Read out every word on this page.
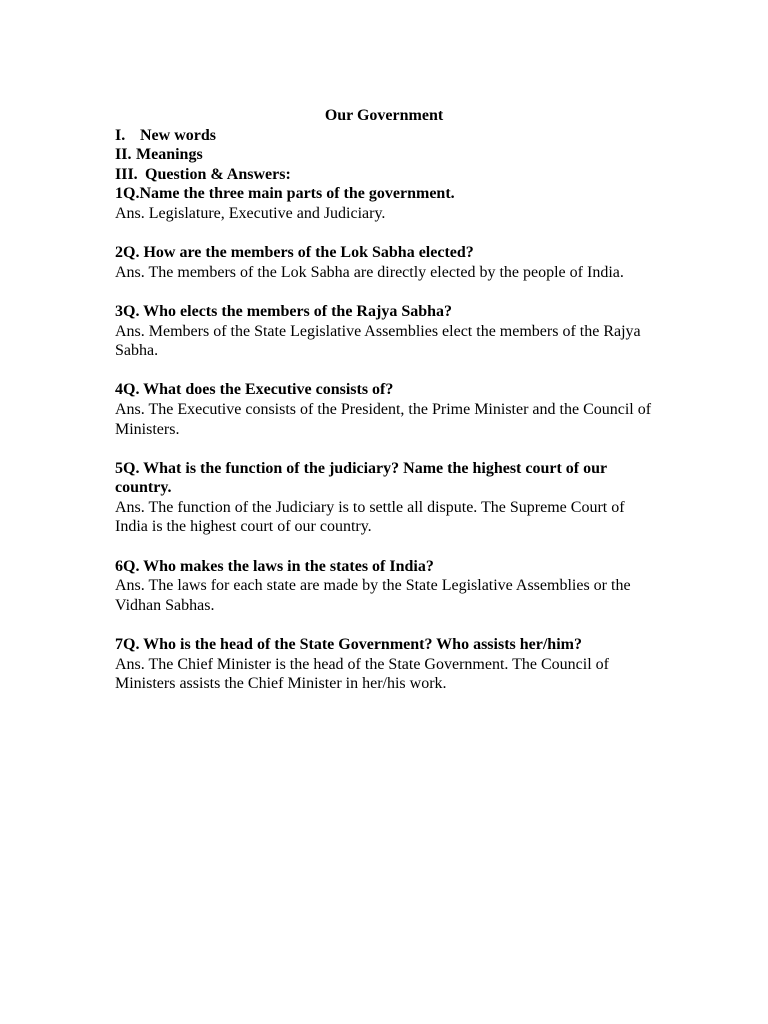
Our Government

I. New words

II. Meanings

III. Question & Answers:

1Q.Name the three main parts of the government.

Ans. Legislature, Executive and Judiciary.

2Q. How are the members of the Lok Sabha elected?

Ans. The members of the Lok Sabha are directly elected by the people of India.

3Q. Who elects the members of the Rajya Sabha?

Ans. Members of the State Legislative Assemblies elect the members of the Rajya Sabha.

4Q. What does the Executive consists of?

Ans. The Executive consists of the President, the Prime Minister and the Council of Ministers.

5Q. What is the function of the judiciary? Name the highest court of our country.

Ans. The function of the Judiciary is to settle all dispute. The Supreme Court of India is the highest court of our country.

6Q. Who makes the laws in the states of India?

Ans. The laws for each state are made by the State Legislative Assemblies or the Vidhan Sabhas.

7Q. Who is the head of the State Government? Who assists her/him?

Ans. The Chief Minister is the head of the State Government. The Council of Ministers assists the Chief Minister in her/his work.
